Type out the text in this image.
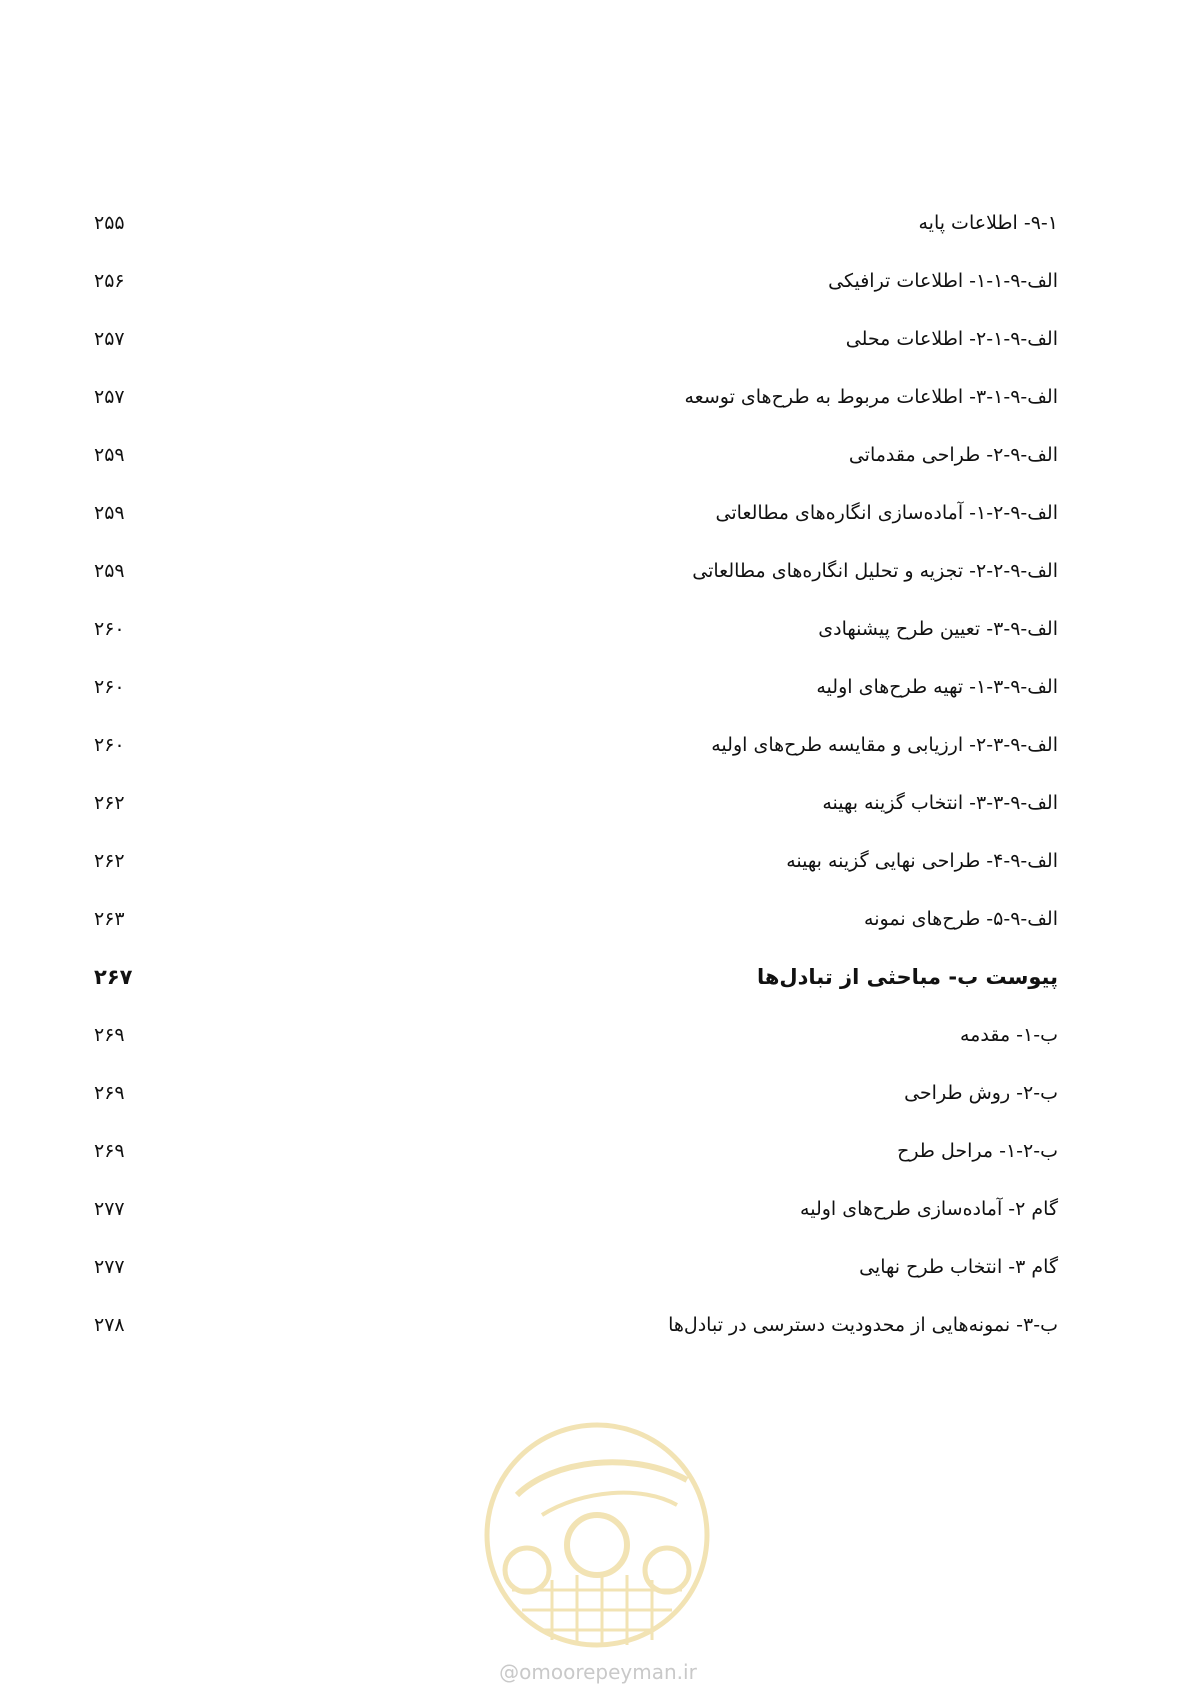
۹-۱- اطلاعات پایه
۲۵۵
الف-۹-۱-۱- اطلاعات ترافیکی
۲۵۶
الف-۹-۱-۲- اطلاعات محلی
۲۵۷
الف-۹-۱-۳- اطلاعات مربوط به طرح‌های توسعه
۲۵۷
الف-۹-۲- طراحی مقدماتی
۲۵۹
الف-۹-۲-۱- آماده‌سازی انگاره‌های مطالعاتی
۲۵۹
الف-۹-۲-۲- تجزیه و تحلیل انگاره‌های مطالعاتی
۲۵۹
الف-۹-۳- تعیین طرح پیشنهادی
۲۶۰
الف-۹-۳-۱- تهیه طرح‌های اولیه
۲۶۰
الف-۹-۳-۲- ارزیابی و مقایسه طرح‌های اولیه
۲۶۰
الف-۹-۳-۳- انتخاب گزینه بهینه
۲۶۲
الف-۹-۴- طراحی نهایی گزینه بهینه
۲۶۲
الف-۹-۵- طرح‌های نمونه
۲۶۳
پیوست ب- مباحثی از تبادل‌ها
۲۶۷
ب-۱- مقدمه
۲۶۹
ب-۲- روش طراحی
۲۶۹
ب-۲-۱- مراحل طرح
۲۶۹
گام ۲- آماده‌سازی طرح‌های اولیه
۲۷۷
گام ۳- انتخاب طرح نهایی
۲۷۷
ب-۳- نمونه‌هایی از محدودیت دسترسی در تبادل‌ها
۲۷۸
@omoorepeyman.ir
